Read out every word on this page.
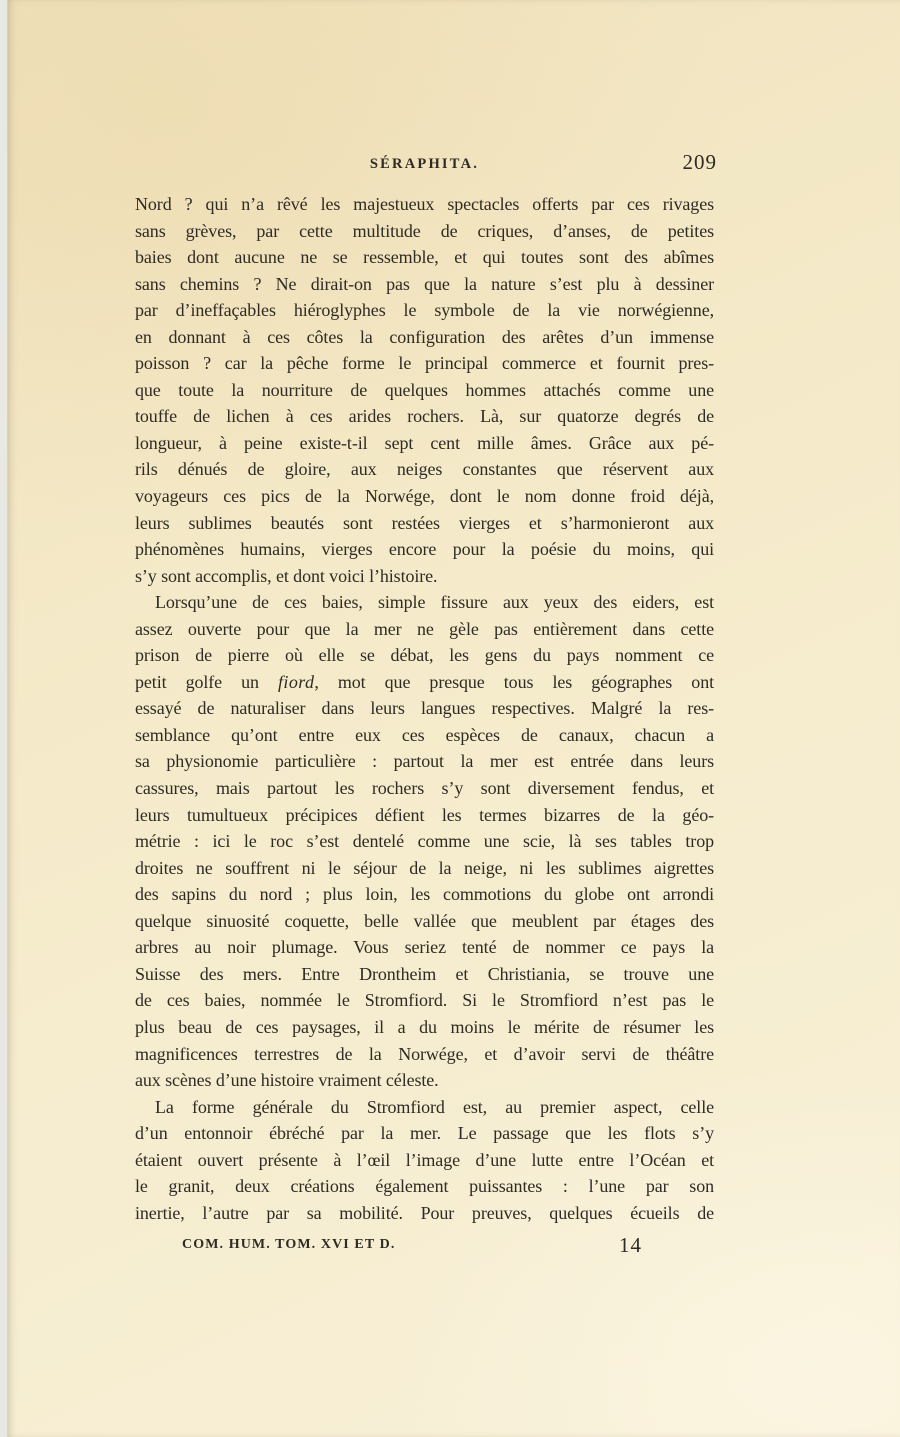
SÉRAPHITA.	209
Nord ? qui n’a rêvé les majestueux spectacles offerts par ces rivages
sans grèves, par cette multitude de criques, d’anses, de petites
baies dont aucune ne se ressemble, et qui toutes sont des abîmes
sans chemins ? Ne dirait-on pas que la nature s’est plu à dessiner
par d’ineffaçables hiéroglyphes le symbole de la vie norwégienne,
en donnant à ces côtes la configuration des arêtes d’un immense
poisson ? car la pêche forme le principal commerce et fournit pres-
que toute la nourriture de quelques hommes attachés comme une
touffe de lichen à ces arides rochers. Là, sur quatorze degrés de
longueur, à peine existe-t-il sept cent mille âmes. Grâce aux pé-
rils dénués de gloire, aux neiges constantes que réservent aux
voyageurs ces pics de la Norwége, dont le nom donne froid déjà,
leurs sublimes beautés sont restées vierges et s’harmonieront aux
phénomènes humains, vierges encore pour la poésie du moins, qui
s’y sont accomplis, et dont voici l’histoire.
Lorsqu’une de ces baies, simple fissure aux yeux des eiders, est
assez ouverte pour que la mer ne gèle pas entièrement dans cette
prison de pierre où elle se débat, les gens du pays nomment ce
petit golfe un fiord, mot que presque tous les géographes ont
essayé de naturaliser dans leurs langues respectives. Malgré la res-
semblance qu’ont entre eux ces espèces de canaux, chacun a
sa physionomie particulière : partout la mer est entrée dans leurs
cassures, mais partout les rochers s’y sont diversement fendus, et
leurs tumultueux précipices défient les termes bizarres de la géo-
métrie : ici le roc s’est dentelé comme une scie, là ses tables trop
droites ne souffrent ni le séjour de la neige, ni les sublimes aigrettes
des sapins du nord ; plus loin, les commotions du globe ont arrondi
quelque sinuosité coquette, belle vallée que meublent par étages des
arbres au noir plumage. Vous seriez tenté de nommer ce pays la
Suisse des mers. Entre Drontheim et Christiania, se trouve une
de ces baies, nommée le Stromfiord. Si le Stromfiord n’est pas le
plus beau de ces paysages, il a du moins le mérite de résumer les
magnificences terrestres de la Norwége, et d’avoir servi de théâtre
aux scènes d’une histoire vraiment céleste.
La forme générale du Stromfiord est, au premier aspect, celle
d’un entonnoir ébréché par la mer. Le passage que les flots s’y
étaient ouvert présente à l’œil l’image d’une lutte entre l’Océan et
le granit, deux créations également puissantes : l’une par son
inertie, l’autre par sa mobilité. Pour preuves, quelques écueils de
COM. HUM. TOM. XVI ET D.	14
